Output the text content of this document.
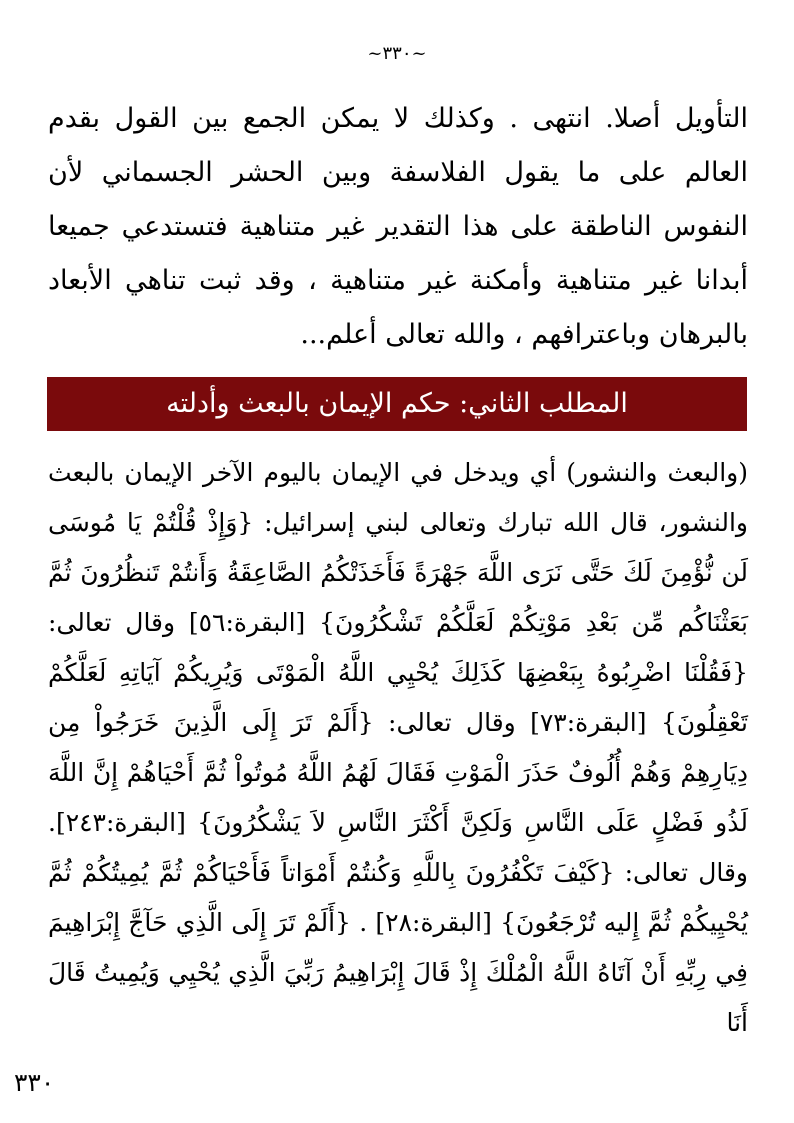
~٣٣٠~
التأويل أصلا. انتهى . وكذلك لا يمكن الجمع بين القول بقدم العالم على ما يقول الفلاسفة وبين الحشر الجسماني لأن النفوس الناطقة على هذا التقدير غير متناهية فتستدعي جميعا أبدانا غير متناهية وأمكنة غير متناهية ، وقد ثبت تناهي الأبعاد بالبرهان وباعترافهم ، والله تعالى أعلم...
المطلب الثاني: حكم الإيمان بالبعث وأدلته
(والبعث والنشور) أي ويدخل في الإيمان باليوم الآخر الإيمان بالبعث والنشور، قال الله تبارك وتعالى لبني إسرائيل: {وَإِذْ قُلْتُمْ يَا مُوسَى لَن نُّؤْمِنَ لَكَ حَتَّى نَرَى اللَّهَ جَهْرَةً فَأَخَذَتْكُمُ الصَّاعِقَةُ وَأَنتُمْ تَنظُرُونَ ثُمَّ بَعَثْنَاكُم مِّن بَعْدِ مَوْتِكُمْ لَعَلَّكُمْ تَشْكُرُونَ} [البقرة:٥٦] وقال تعالى: {فَقُلْنَا اضْرِبُوهُ بِبَعْضِهَا كَذَلِكَ يُحْيِي اللَّهُ الْمَوْتَى وَيُرِيكُمْ آيَاتِهِ لَعَلَّكُمْ تَعْقِلُونَ} [البقرة:٧٣] وقال تعالى: {أَلَمْ تَرَ إِلَى الَّذِينَ خَرَجُواْ مِن دِيَارِهِمْ وَهُمْ أُلُوفٌ حَذَرَ الْمَوْتِ فَقَالَ لَهُمُ اللَّهُ مُوتُواْ ثُمَّ أَحْيَاهُمْ إِنَّ اللَّهَ لَذُو فَضْلٍ عَلَى النَّاسِ وَلَكِنَّ أَكْثَرَ النَّاسِ لاَ يَشْكُرُونَ} [البقرة:٢٤٣]. وقال تعالى: {كَيْفَ تَكْفُرُونَ بِاللَّهِ وَكُنتُمْ أَمْوَاتاً فَأَحْيَاكُمْ ثُمَّ يُمِيتُكُمْ ثُمَّ يُحْيِيكُمْ ثُمَّ إِليه تُرْجَعُونَ} [البقرة:٢٨] . {أَلَمْ تَرَ إِلَى الَّذِي حَآجَّ إِبْرَاهِيمَ فِي رِبِّهِ أَنْ آتَاهُ اللَّهُ الْمُلْكَ إِذْ قَالَ إِبْرَاهِيمُ رَبِّيَ الَّذِي يُحْيِي وَيُمِيتُ قَالَ أَنَا
٣٣٠
